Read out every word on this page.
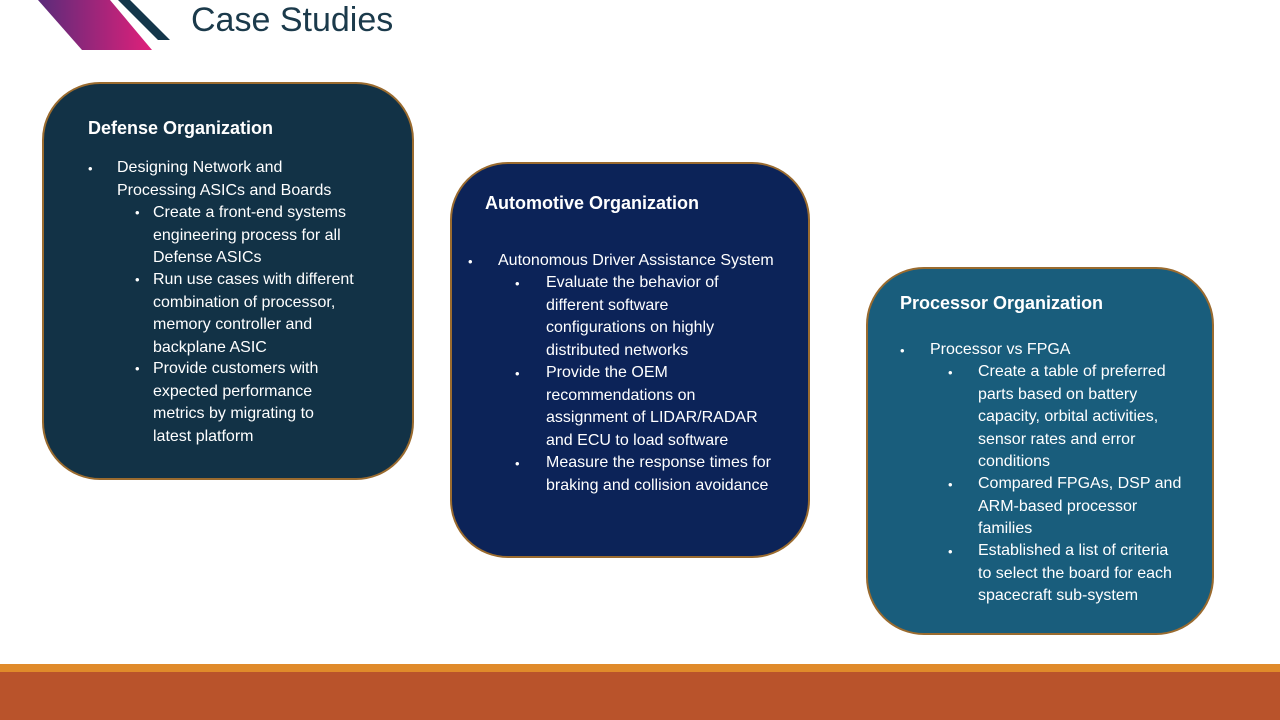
Case Studies
Defense Organization
• Designing Network and
Processing ASICs and Boards
• Create a front-end systems
engineering process for all
Defense ASICs
• Run use cases with different
combination of processor,
memory controller and
backplane ASIC
• Provide customers with
expected performance
metrics by migrating to
latest platform
Automotive Organization
• Autonomous Driver Assistance System
• Evaluate the behavior of
different software
configurations on highly
distributed networks
• Provide the OEM
recommendations on
assignment of LIDAR/RADAR
and ECU to load software
• Measure the response times for
braking and collision avoidance
Processor Organization
• Processor vs FPGA
• Create a table of preferred
parts based on battery
capacity, orbital activities,
sensor rates and error
conditions
• Compared FPGAs, DSP and
ARM-based processor
families
• Established a list of criteria
to select the board for each
spacecraft sub-system
